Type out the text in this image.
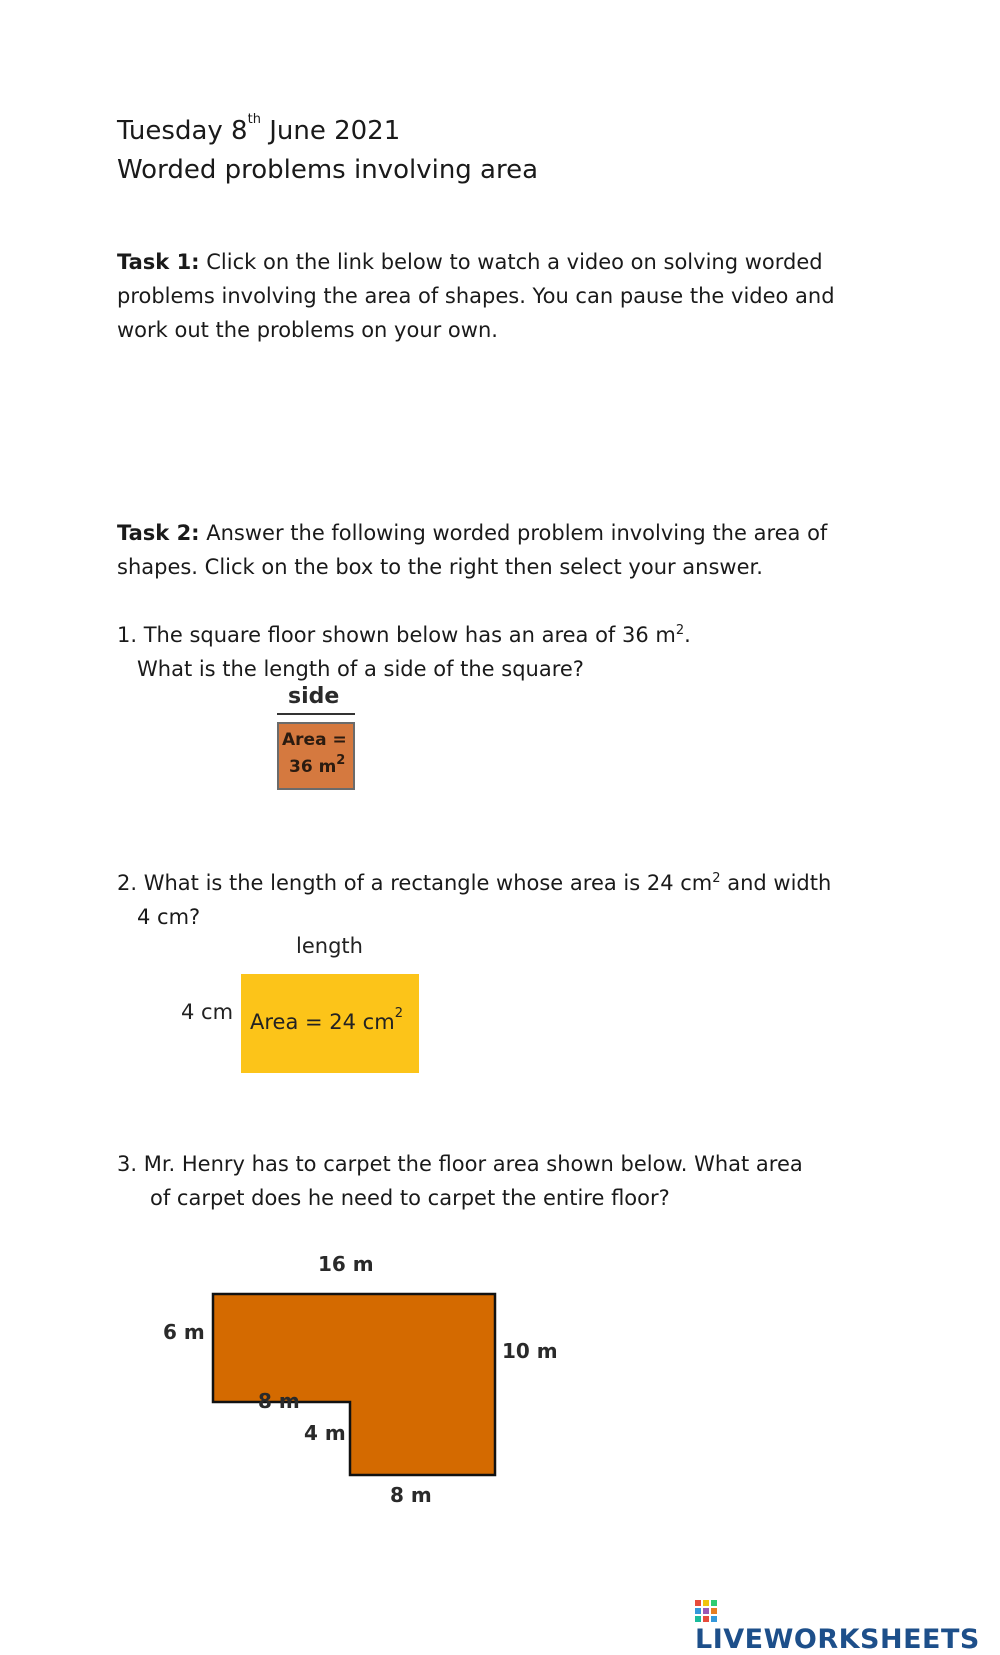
Tuesday 8th June 2021
Worded problems involving area
Task 1: Click on the link below to watch a video on solving worded
problems involving the area of shapes. You can pause the video and
work out the problems on your own.
Task 2: Answer the following worded problem involving the area of
shapes. Click on the box to the right then select your answer.
1. The square floor shown below has an area of 36 $m^2$.
What is the length of a side of the square?
side
Area =
36 $m^2$
2. What is the length of a rectangle whose area is 24 $cm^2$ and width
4 cm?
length
4 cm Area = 24 $cm^2$
3. Mr. Henry has to carpet the floor area shown below. What area
of carpet does he need to carpet the entire floor?
16 m
6 m
10 m
8 m
4 m
8 m
LIVEWORKSHEETS
